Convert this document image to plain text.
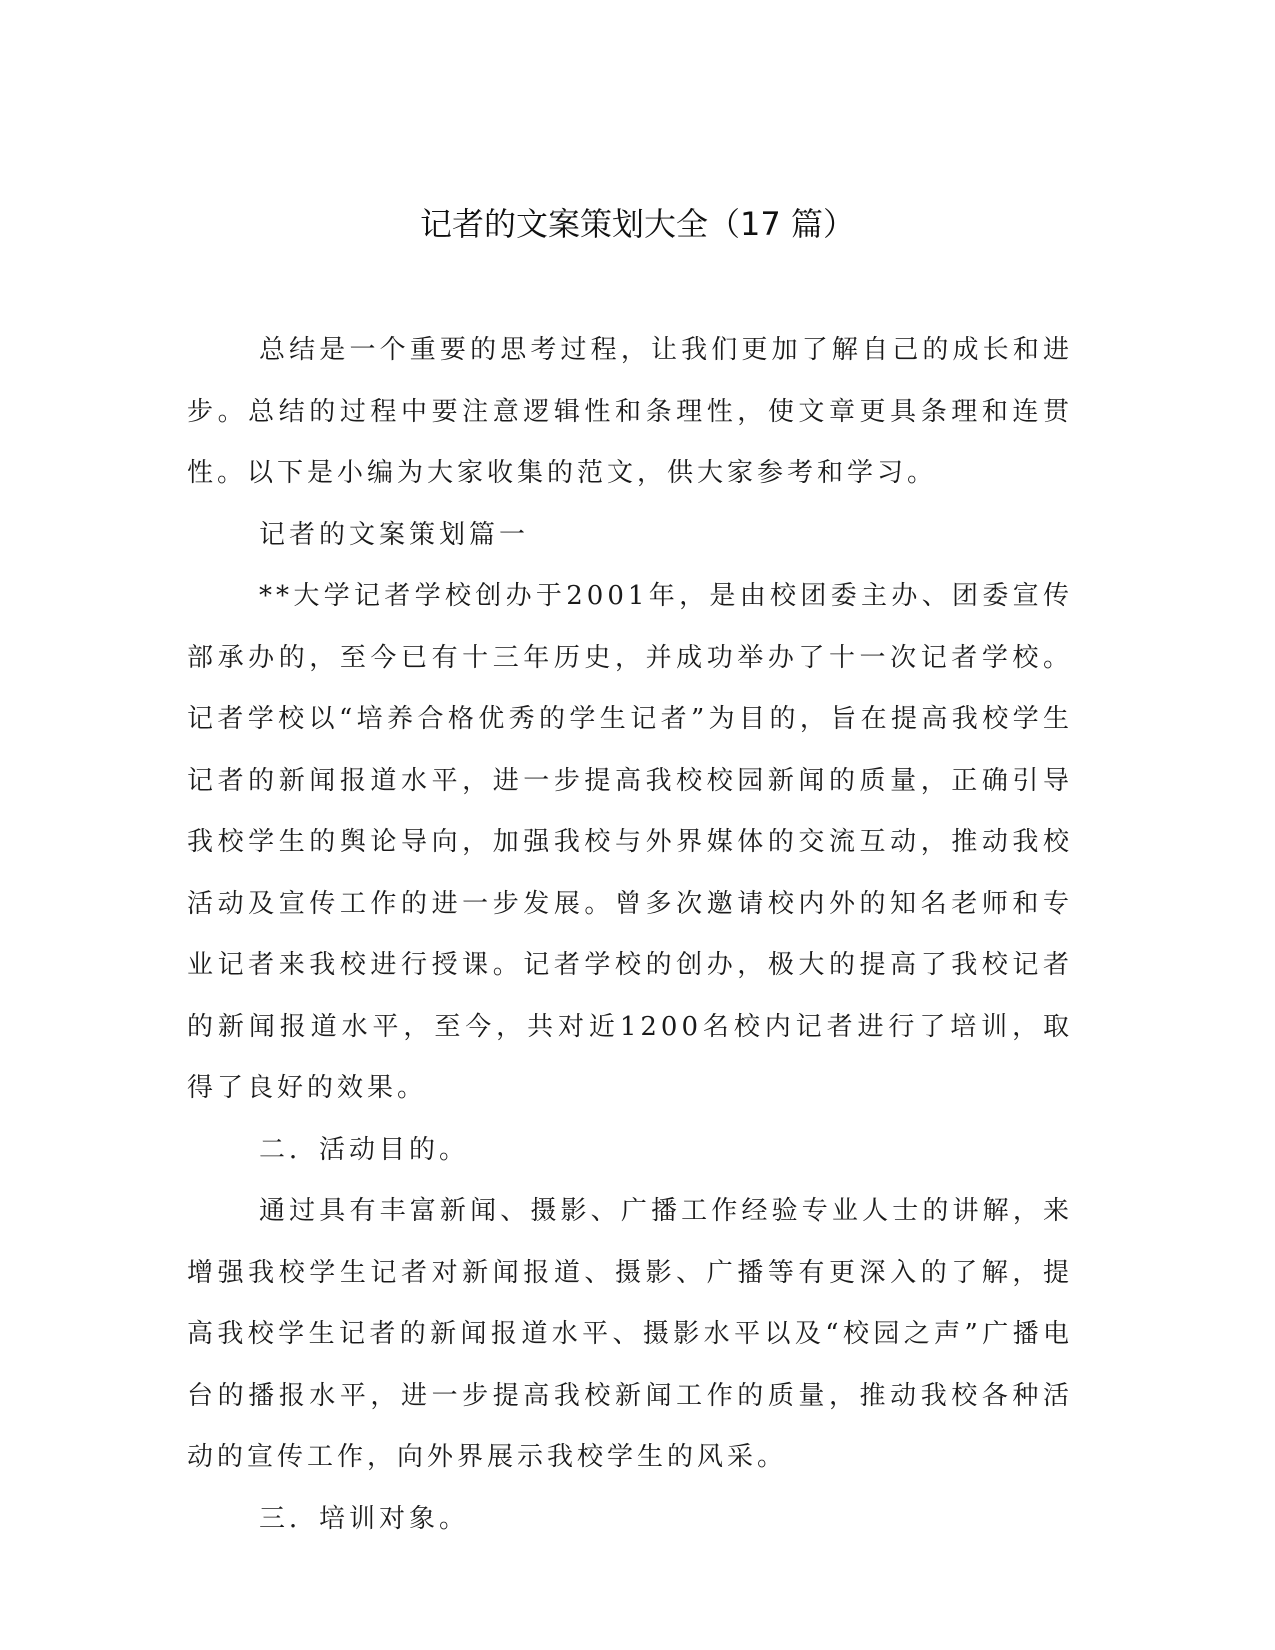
记者的文案策划大全（17 篇）

总结是一个重要的思考过程，让我们更加了解自己的成长和进步。总结的过程中要注意逻辑性和条理性，使文章更具条理和连贯性。以下是小编为大家收集的范文，供大家参考和学习。

记者的文案策划篇一

**大学记者学校创办于2001年，是由校团委主办、团委宣传部承办的，至今已有十三年历史，并成功举办了十一次记者学校。记者学校以“培养合格优秀的学生记者”为目的，旨在提高我校学生记者的新闻报道水平，进一步提高我校校园新闻的质量，正确引导我校学生的舆论导向，加强我校与外界媒体的交流互动，推动我校活动及宣传工作的进一步发展。曾多次邀请校内外的知名老师和专业记者来我校进行授课。记者学校的创办，极大的提高了我校记者的新闻报道水平，至今，共对近1200名校内记者进行了培训，取得了良好的效果。

二．活动目的。

通过具有丰富新闻、摄影、广播工作经验专业人士的讲解，来增强我校学生记者对新闻报道、摄影、广播等有更深入的了解，提高我校学生记者的新闻报道水平、摄影水平以及“校园之声”广播电台的播报水平，进一步提高我校新闻工作的质量，推动我校各种活动的宣传工作，向外界展示我校学生的风采。

三．培训对象。
